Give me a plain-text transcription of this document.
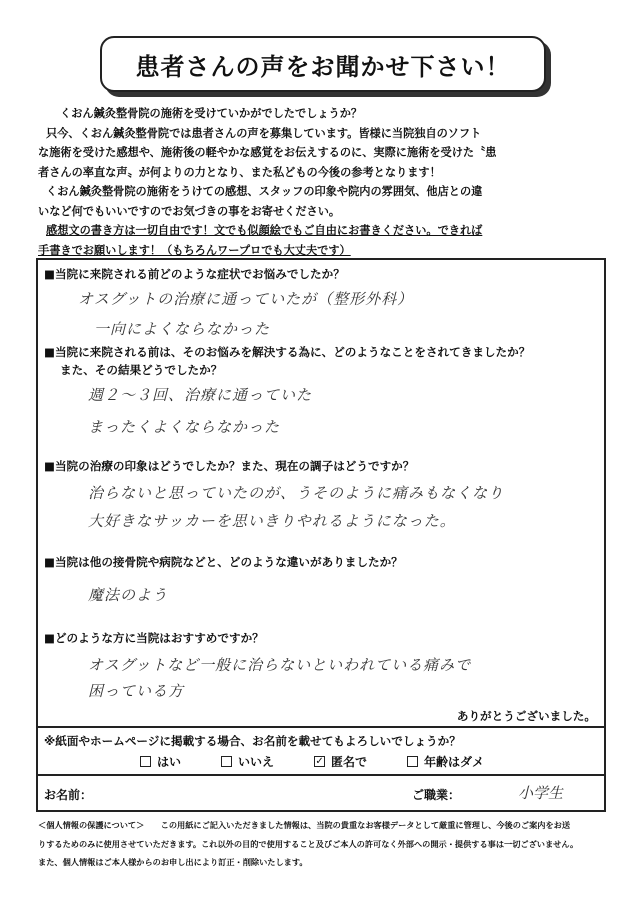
患者さんの声をお聞かせ下さい！

くおん鍼灸整骨院の施術を受けていかがでしたでしょうか？

只今、くおん鍼灸整骨院では患者さんの声を募集しています。皆様に当院独自のソフト

な施術を受けた感想や、施術後の軽やかな感覚をお伝えするのに、実際に施術を受けた〝患

者さんの率直な声〟が何よりの力となり、また私どもの今後の参考となります！

くおん鍼灸整骨院の施術をうけての感想、スタッフの印象や院内の雰囲気、他店との違

いなど何でもいいですのでお気づきの事をお寄せください。

感想文の書き方は一切自由です！文でも似顔絵でもご自由にお書きください。できれば

手書きでお願いします！（もちろんワープロでも大丈夫です）

■当院に来院される前どのような症状でお悩みでしたか？
オスグットの治療に通っていたが（整形外科）
一向によくならなかった
■当院に来院される前は、そのお悩みを解決する為に、どのようなことをされてきましたか？
また、その結果どうでしたか？
週２～３回、治療に通っていた
まったくよくならなかった
■当院の治療の印象はどうでしたか？また、現在の調子はどうですか？
治らないと思っていたのが、うそのように痛みもなくなり
大好きなサッカーを思いきりやれるようになった。
■当院は他の接骨院や病院などと、どのような違いがありましたか？
魔法のよう
■どのような方に当院はおすすめですか？
オスグットなど一般に治らないといわれている痛みで
困っている方
ありがとうございました。
※紙面やホームページに掲載する場合、お名前を載せてもよろしいでしょうか？
はい	いいえ	✓ 匿名で	年齢はダメ
お名前：	ご職業：	小学生

＜個人情報の保護について＞　　この用紙にご記入いただきました情報は、当院の貴重なお客様データとして厳重に管理し、今後のご案内をお送

りするためのみに使用させていただきます。これ以外の目的で使用すること及びご本人の許可なく外部への開示・提供する事は一切ございません。

また、個人情報はご本人様からのお申し出により訂正・削除いたします。
